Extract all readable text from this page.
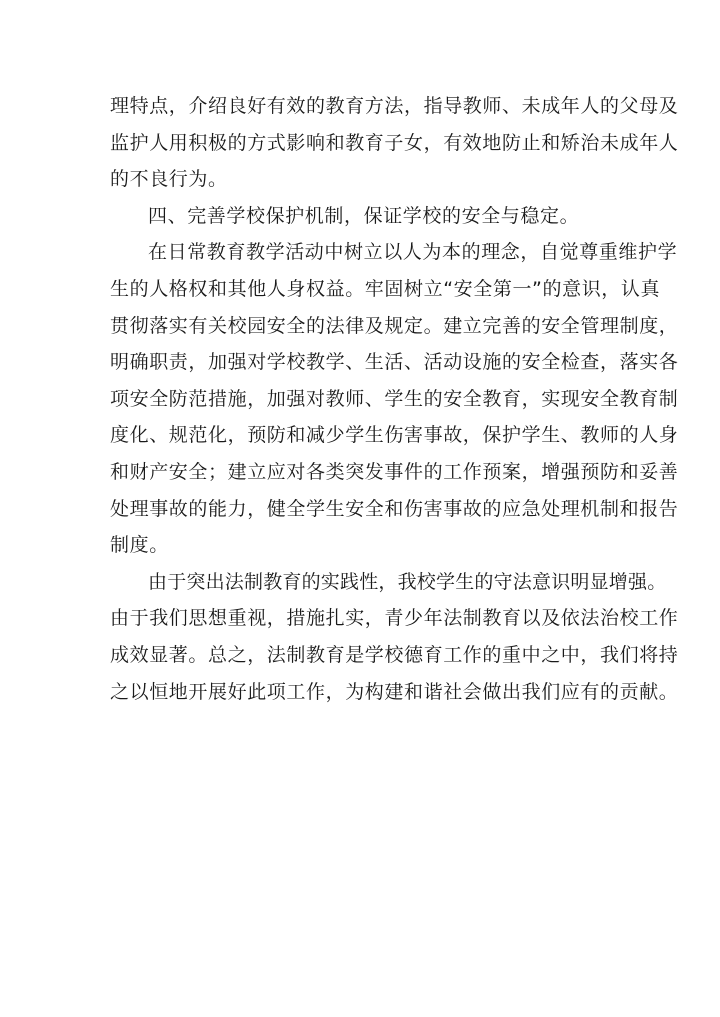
理特点，介绍良好有效的教育方法，指导教师、未成年人的父母及
监护人用积极的方式影响和教育子女，有效地防止和矫治未成年人
的不良行为。
四、完善学校保护机制，保证学校的安全与稳定。
在日常教育教学活动中树立以人为本的理念，自觉尊重维护学
生的人格权和其他人身权益。牢固树立“安全第一”的意识，认真
贯彻落实有关校园安全的法律及规定。建立完善的安全管理制度，
明确职责，加强对学校教学、生活、活动设施的安全检查，落实各
项安全防范措施，加强对教师、学生的安全教育，实现安全教育制
度化、规范化，预防和减少学生伤害事故，保护学生、教师的人身
和财产安全；建立应对各类突发事件的工作预案，增强预防和妥善
处理事故的能力，健全学生安全和伤害事故的应急处理机制和报告
制度。
由于突出法制教育的实践性，我校学生的守法意识明显增强。
由于我们思想重视，措施扎实，青少年法制教育以及依法治校工作
成效显著。总之，法制教育是学校德育工作的重中之中，我们将持
之以恒地开展好此项工作，为构建和谐社会做出我们应有的贡献。
